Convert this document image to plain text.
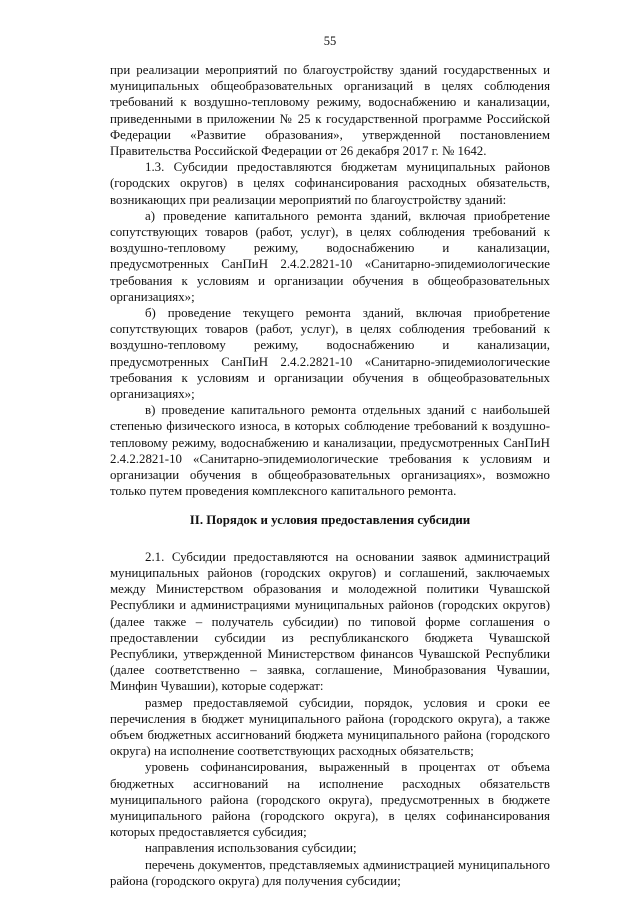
55

при реализации мероприятий по благоустройству зданий государственных и муниципальных общеобразовательных организаций в целях соблюдения требований к воздушно-тепловому режиму, водоснабжению и канализации, приведенными в приложении № 25 к государственной программе Российской Федерации «Развитие образования», утвержденной постановлением Правительства Российской Федерации от 26 декабря 2017 г. № 1642.

1.3. Субсидии предоставляются бюджетам муниципальных районов (городских округов) в целях софинансирования расходных обязательств, возникающих при реализации мероприятий по благоустройству зданий:

а) проведение капитального ремонта зданий, включая приобретение сопутствующих товаров (работ, услуг), в целях соблюдения требований к воздушно-тепловому режиму, водоснабжению и канализации, предусмотренных СанПиН 2.4.2.2821-10 «Санитарно-эпидемиологические требования к условиям и организации обучения в общеобразовательных организациях»;

б) проведение текущего ремонта зданий, включая приобретение сопутствующих товаров (работ, услуг), в целях соблюдения требований к воздушно-тепловому режиму, водоснабжению и канализации, предусмотренных СанПиН 2.4.2.2821-10 «Санитарно-эпидемиологические требования к условиям и организации обучения в общеобразовательных организациях»;

в) проведение капитального ремонта отдельных зданий с наибольшей степенью физического износа, в которых соблюдение требований к воздушно-тепловому режиму, водоснабжению и канализации, предусмотренных СанПиН 2.4.2.2821-10 «Санитарно-эпидемиологические требования к условиям и организации обучения в общеобразовательных организациях», возможно только путем проведения комплексного капитального ремонта.

II. Порядок и условия предоставления субсидии

2.1. Субсидии предоставляются на основании заявок администраций муниципальных районов (городских округов) и соглашений, заключаемых между Министерством образования и молодежной политики Чувашской Республики и администрациями муниципальных районов (городских округов) (далее также – получатель субсидии) по типовой форме соглашения о предоставлении субсидии из республиканского бюджета Чувашской Республики, утвержденной Министерством финансов Чувашской Республики (далее соответственно – заявка, соглашение, Минобразования Чувашии, Минфин Чувашии), которые содержат:

размер предоставляемой субсидии, порядок, условия и сроки ее перечисления в бюджет муниципального района (городского округа), а также объем бюджетных ассигнований бюджета муниципального района (городского округа) на исполнение соответствующих расходных обязательств;

уровень софинансирования, выраженный в процентах от объема бюджетных ассигнований на исполнение расходных обязательств муниципального района (городского округа), предусмотренных в бюджете муниципального района (городского округа), в целях софинансирования которых предоставляется субсидия;

направления использования субсидии;

перечень документов, представляемых администрацией муниципального района (городского округа) для получения субсидии;
